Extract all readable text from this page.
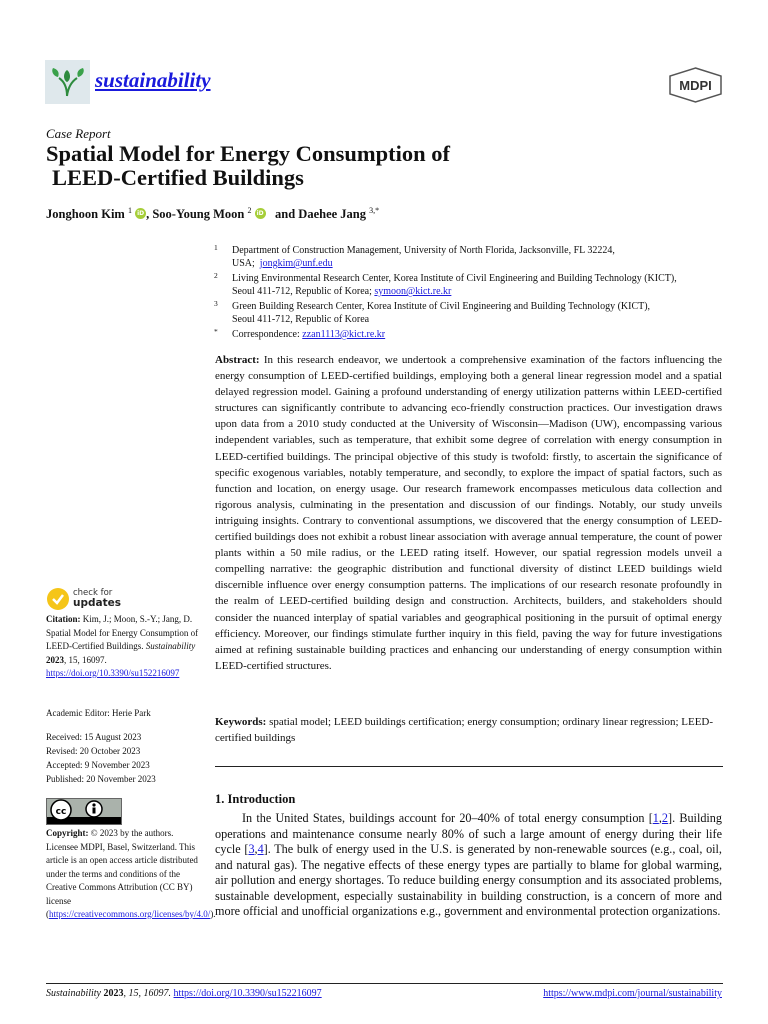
sustainability	MDPI
Case Report
Spatial Model for Energy Consumption of
LEED-Certified Buildings
Jonghoon Kim $^1$ iD , Soo-Young Moon $^2$ iD   and Daehee Jang $^{3,*}$
1 Department of Construction Management, University of North Florida, Jacksonville, FL 32224,
USA; jongkim@unf.edu
2 Living Environmental Research Center, Korea Institute of Civil Engineering and Building Technology (KICT),
Seoul 411-712, Republic of Korea; symoon@kict.re.kr
3 Green Building Research Center, Korea Institute of Civil Engineering and Building Technology (KICT),
Seoul 411-712, Republic of Korea
* Correspondence: zzan1113@kict.re.kr
Abstract: In this research endeavor, we undertook a comprehensive examination of the factors influencing the energy consumption of LEED-certified buildings, employing both a general linear regression model and a spatial delayed regression model. Gaining a profound understanding of energy utilization patterns within LEED-certified structures can significantly contribute to advancing eco-friendly construction practices. Our investigation draws upon data from a 2010 study conducted at the University of Wisconsin—Madison (UW), encompassing various independent variables, such as temperature, that exhibit some degree of correlation with energy consumption in LEED-certified buildings. The principal objective of this study is twofold: firstly, to ascertain the significance of specific exogenous variables, notably temperature, and secondly, to explore the impact of spatial factors, such as function and location, on energy usage. Our research framework encompasses meticulous data collection and rigorous analysis, culminating in the presentation and discussion of our findings. Notably, our study unveils intriguing insights. Contrary to conventional assumptions, we discovered that the energy consumption of LEED-certified buildings does not exhibit a robust linear association with average annual temperature, the count of power plants within a 50 mile radius, or the LEED rating itself. However, our spatial regression models unveil a compelling narrative: the geographic distribution and functional diversity of distinct LEED buildings wield discernible influence over energy consumption patterns. The implications of our research resonate profoundly in the realm of LEED-certified building design and construction. Architects, builders, and stakeholders should consider the nuanced interplay of spatial variables and geographical positioning in the pursuit of optimal energy efficiency. Moreover, our findings stimulate further inquiry in this field, paving the way for future investigations aimed at refining sustainable building practices and enhancing our understanding of energy consumption within LEED-certified structures.
Keywords: spatial model; LEED buildings certification; energy consumption; ordinary linear regression; LEED-certified buildings
1. Introduction
In the United States, buildings account for 20–40% of total energy consumption [1,2]. Building operations and maintenance consume nearly 80% of such a large amount of energy during their life cycle [3,4]. The bulk of energy used in the U.S. is generated by non-renewable sources (e.g., coal, oil, and natural gas). The negative effects of these energy types are partially to blame for global warming, air pollution and energy shortages. To reduce building energy consumption and its associated problems, sustainable development, especially sustainability in building construction, is a concern of more and more official and unofficial organizations e.g., government and environmental protection organizations.
check for
updates
Citation: Kim, J.; Moon, S.-Y.; Jang, D. Spatial Model for Energy Consumption of LEED-Certified Buildings. Sustainability 2023, 15, 16097. https://doi.org/10.3390/su152216097
Academic Editor: Herie Park
Received: 15 August 2023
Revised: 20 October 2023
Accepted: 9 November 2023
Published: 20 November 2023
cc
Copyright: © 2023 by the authors. Licensee MDPI, Basel, Switzerland. This article is an open access article distributed under the terms and conditions of the Creative Commons Attribution (CC BY) license (https://creativecommons.org/licenses/by/4.0/).
Sustainability 2023, 15, 16097. https://doi.org/10.3390/su152216097	https://www.mdpi.com/journal/sustainability
